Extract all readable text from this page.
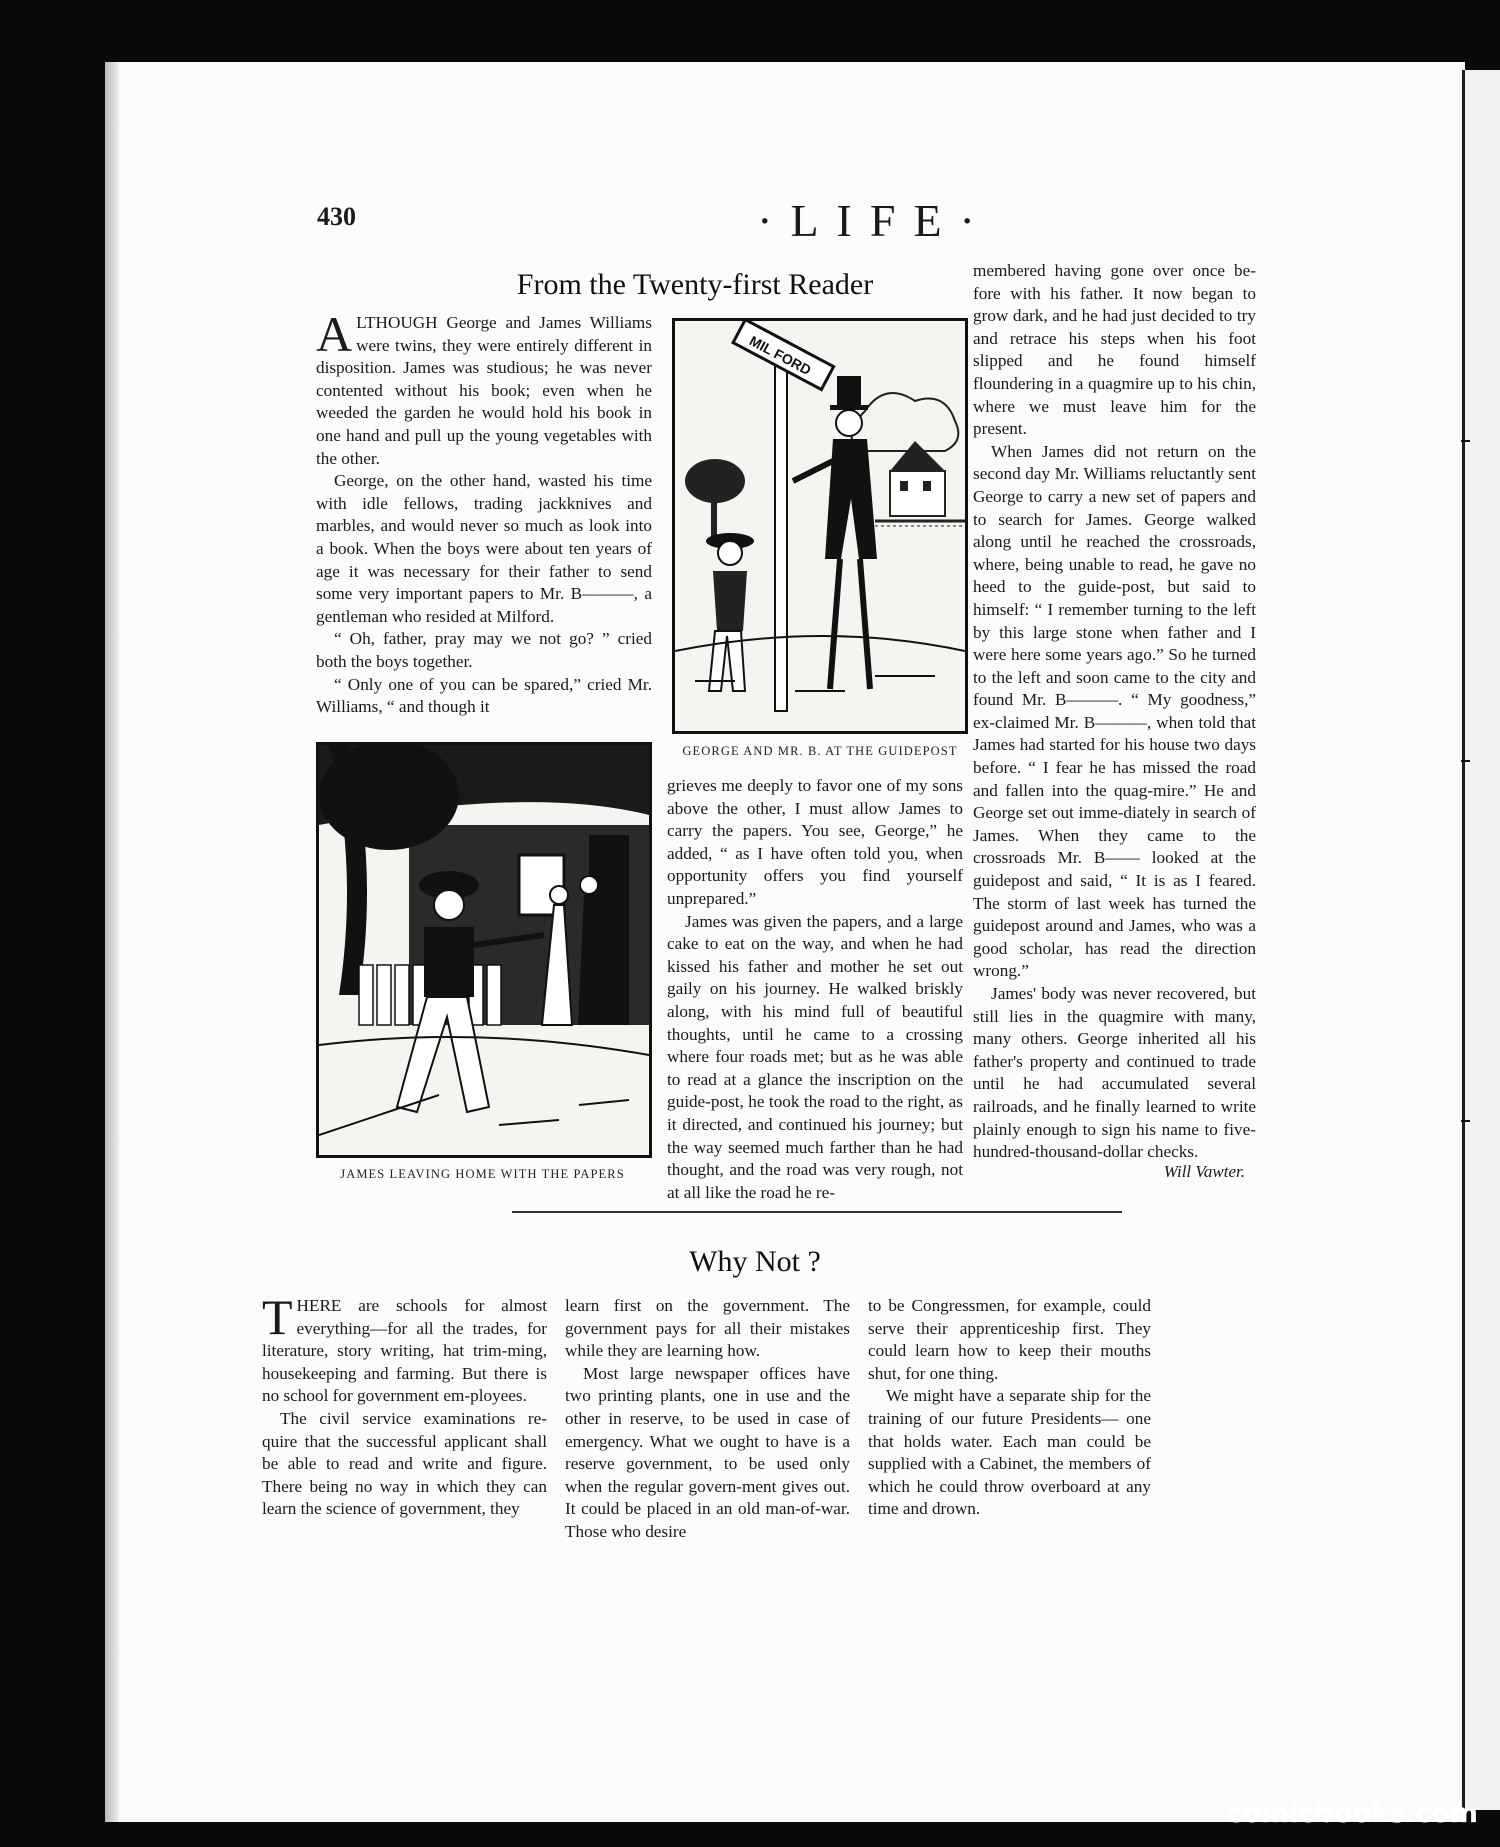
430	·LIFE·
From the Twenty-first Reader

ALTHOUGH George and James Williams were twins, they were entirely different in disposition. James was studious; he was never contented without his book; even when he weeded the garden he would hold his book in one hand and pull up the young vegetables with the other.

George, on the other hand, wasted his time with idle fellows, trading jackknives and marbles, and would never so much as look into a book. When the boys were about ten years of age it was necessary for their father to send some very important papers to Mr. B———, a gentleman who resided at Milford.

“ Oh, father, pray may we not go? ” cried both the boys together.

“ Only one of you can be spared,” cried Mr. Williams, “ and though it

MIL FORD
GEORGE AND MR. B. AT THE GUIDEPOST
JAMES LEAVING HOME WITH THE PAPERS

grieves me deeply to favor one of my sons above the other, I must allow James to carry the papers. You see, George,” he added, “ as I have often told you, when opportunity offers you find yourself unprepared.”

James was given the papers, and a large cake to eat on the way, and when he had kissed his father and mother he set out gaily on his journey. He walked briskly along, with his mind full of beautiful thoughts, until he came to a crossing where four roads met; but as he was able to read at a glance the inscription on the guide-post, he took the road to the right, as it directed, and continued his journey; but the way seemed much farther than he had thought, and the road was very rough, not at all like the road he re-

membered having gone over once be-fore with his father. It now began to grow dark, and he had just decided to try and retrace his steps when his foot slipped and he found himself floundering in a quagmire up to his chin, where we must leave him for the present.

When James did not return on the second day Mr. Williams reluctantly sent George to carry a new set of papers and to search for James. George walked along until he reached the crossroads, where, being unable to read, he gave no heed to the guide-post, but said to himself: “ I remember turning to the left by this large stone when father and I were here some years ago.” So he turned to the left and soon came to the city and found Mr. B———. “ My goodness,” ex-claimed Mr. B———, when told that James had started for his house two days before. “ I fear he has missed the road and fallen into the quag-mire.” He and George set out imme-diately in search of James. When they came to the crossroads Mr. B—— looked at the guidepost and said, “ It is as I feared. The storm of last week has turned the guidepost around and James, who was a good scholar, has read the direction wrong.”

James' body was never recovered, but still lies in the quagmire with many, many others. George inherited all his father's property and continued to trade until he had accumulated several railroads, and he finally learned to write plainly enough to sign his name to five-hundred-thousand-dollar checks.

Will Vawter.
Why Not ?

THERE are schools for almost everything—for all the trades, for literature, story writing, hat trim-ming, housekeeping and farming. But there is no school for government em-ployees.

The civil service examinations re-quire that the successful applicant shall be able to read and write and figure. There being no way in which they can learn the science of government, they

learn first on the government. The government pays for all their mistakes while they are learning how.

Most large newspaper offices have two printing plants, one in use and the other in reserve, to be used in case of emergency. What we ought to have is a reserve government, to be used only when the regular govern-ment gives out. It could be placed in an old man-of-war. Those who desire

to be Congressmen, for example, could serve their apprenticeship first. They could learn how to keep their mouths shut, for one thing.

We might have a separate ship for the training of our future Presidents— one that holds water. Each man could be supplied with a Cabinet, the members of which he could throw overboard at any time and drown.

comicbooks.com
